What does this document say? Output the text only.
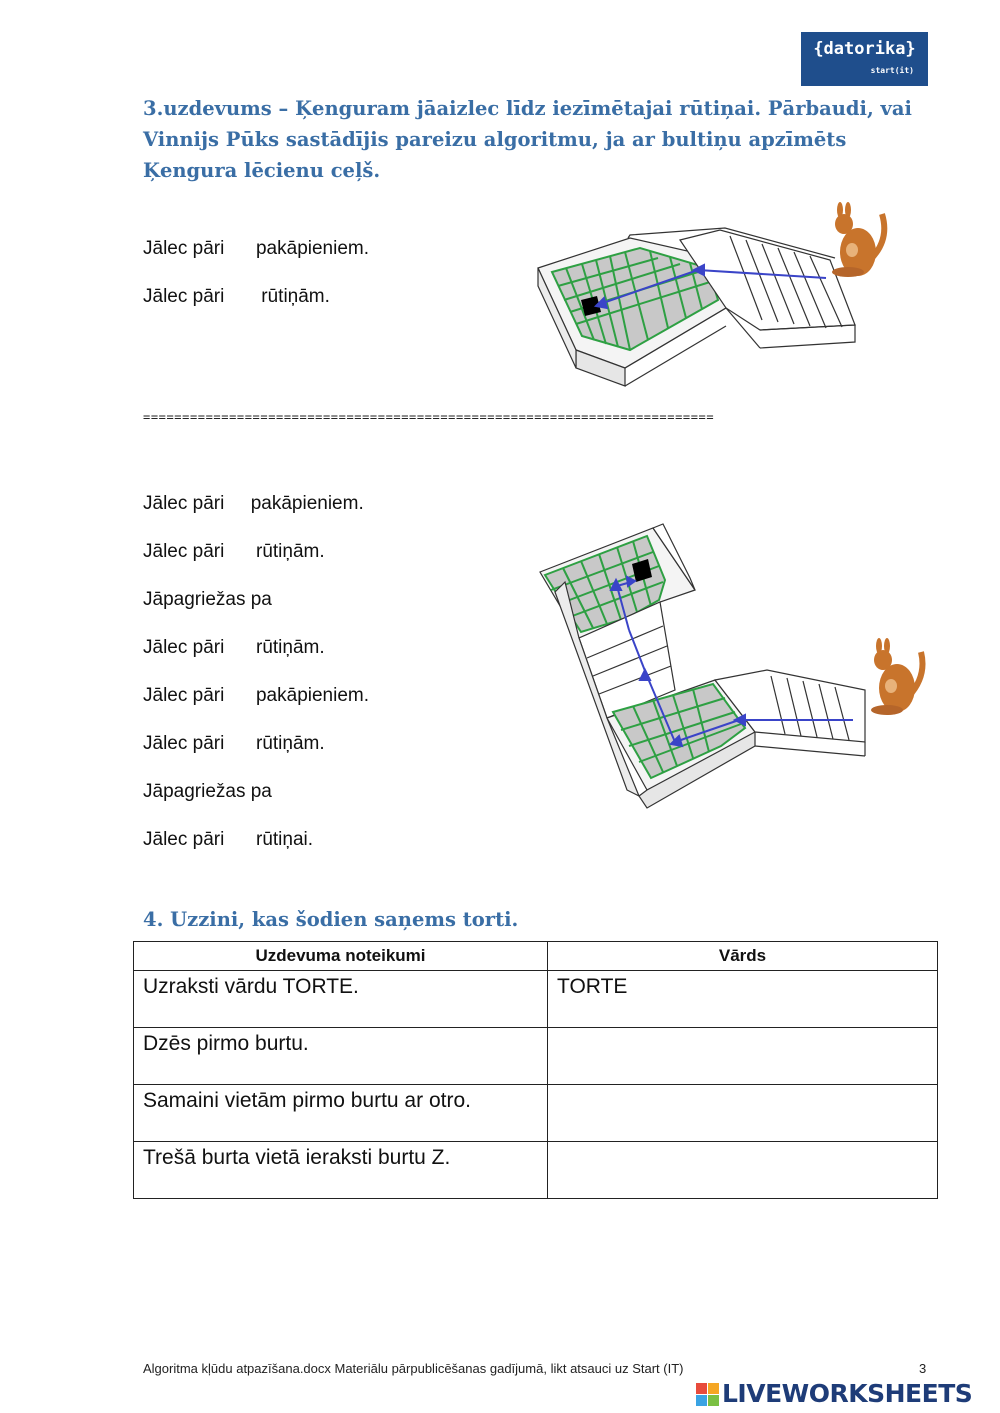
{datorika}
start(it)
3.uzdevums – Ķenguram jāaizlec līdz iezīmētajai rūtiņai. Pārbaudi, vai Vinnijs Pūks sastādījis pareizu algoritmu, ja ar bultiņu apzīmēts Ķengura lēcienu ceļš.
Jālec pāri      pakāpieniem.
Jālec pāri       rūtiņām.
=========================================================================
Jālec pāri     pakāpieniem.
Jālec pāri      rūtiņām.
Jāpagriežas pa
Jālec pāri      rūtiņām.
Jālec pāri      pakāpieniem.
Jālec pāri      rūtiņām.
Jāpagriežas pa
Jālec pāri      rūtiņai.
4. Uzzini, kas šodien saņems torti.
Uzdevuma noteikumi	Vārds
Uzraksti vārdu TORTE.	TORTE
Dzēs pirmo burtu.	
Samaini vietām pirmo burtu ar otro.	
Trešā burta vietā ieraksti burtu Z.	
Algoritma kļūdu atpazīšana.docx Materiālu pārpublicēšanas gadījumā, likt atsauci uz Start (IT)	3
LIVEWORKSHEETS
